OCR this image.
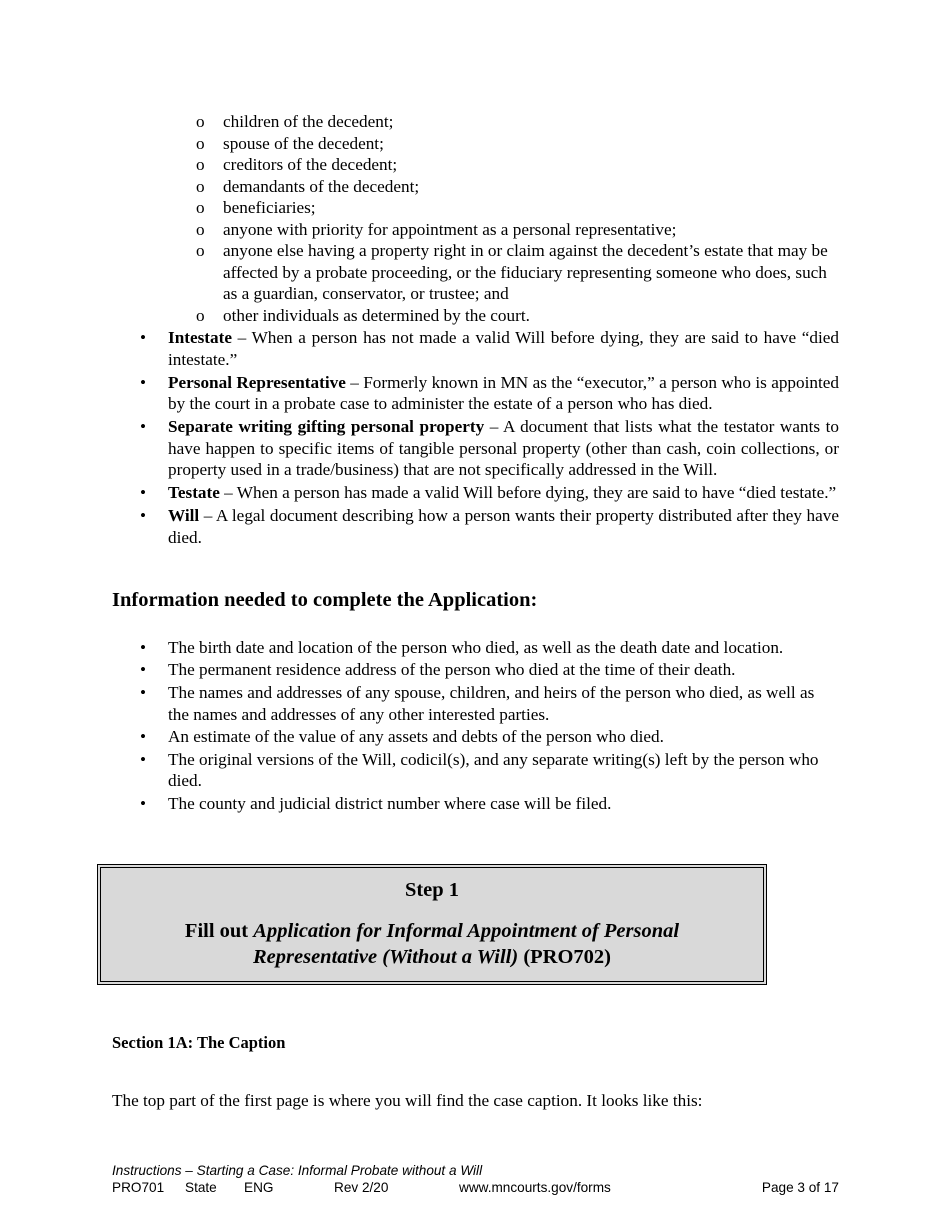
o children of the decedent;
o spouse of the decedent;
o creditors of the decedent;
o demandants of the decedent;
o beneficiaries;
o anyone with priority for appointment as a personal representative;
o anyone else having a property right in or claim against the decedent’s estate that may be affected by a probate proceeding, or the fiduciary representing someone who does, such as a guardian, conservator, or trustee; and
o other individuals as determined by the court.
• Intestate – When a person has not made a valid Will before dying, they are said to have “died intestate.”
• Personal Representative – Formerly known in MN as the “executor,” a person who is appointed by the court in a probate case to administer the estate of a person who has died.
• Separate writing gifting personal property – A document that lists what the testator wants to have happen to specific items of tangible personal property (other than cash, coin collections, or property used in a trade/business) that are not specifically addressed in the Will.
• Testate – When a person has made a valid Will before dying, they are said to have “died testate.”
• Will – A legal document describing how a person wants their property distributed after they have died.
Information needed to complete the Application:
• The birth date and location of the person who died, as well as the death date and location.
• The permanent residence address of the person who died at the time of their death.
• The names and addresses of any spouse, children, and heirs of the person who died, as well as the names and addresses of any other interested parties.
• An estimate of the value of any assets and debts of the person who died.
• The original versions of the Will, codicil(s), and any separate writing(s) left by the person who died.
• The county and judicial district number where case will be filed.
Step 1
Fill out Application for Informal Appointment of Personal Representative (Without a Will) (PRO702)
Section 1A: The Caption
The top part of the first page is where you will find the case caption. It looks like this:
Instructions – Starting a Case: Informal Probate without a Will
PRO701 State ENG	Rev 2/20	www.mncourts.gov/forms	Page 3 of 17
